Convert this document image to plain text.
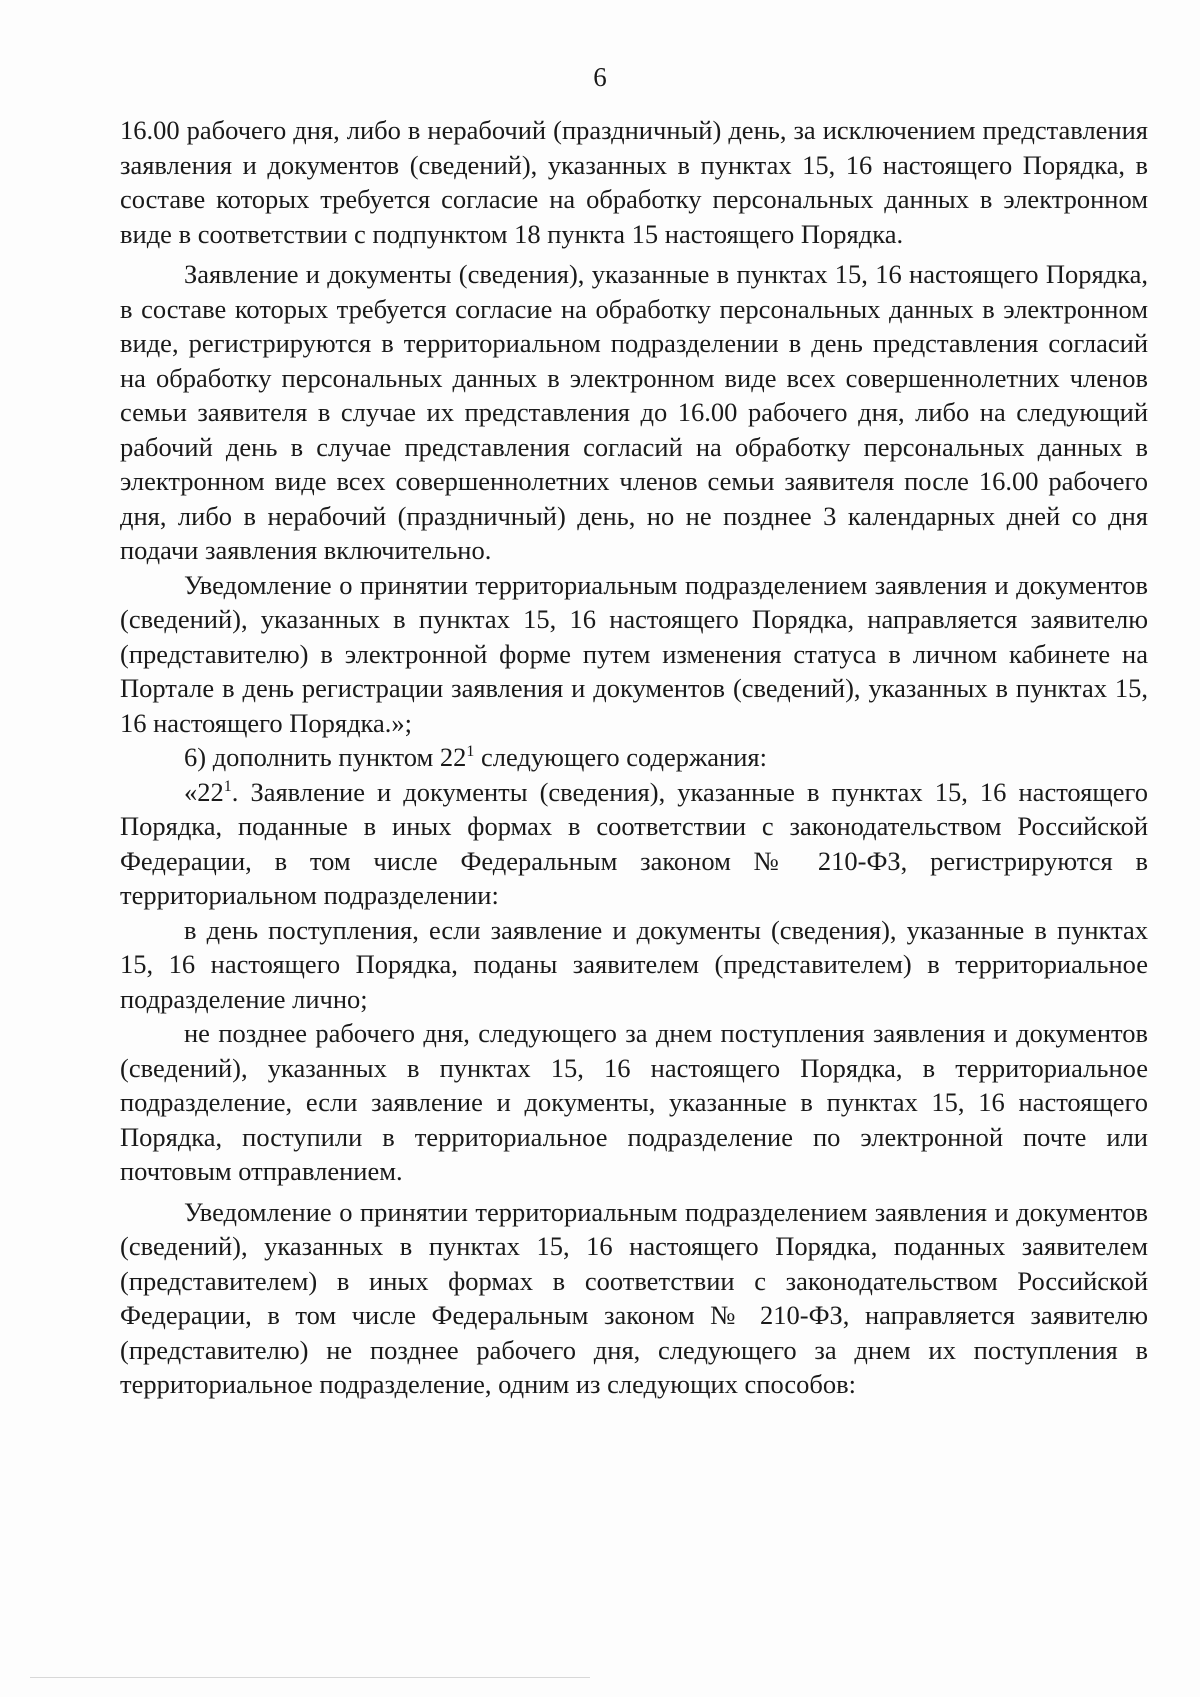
6

16.00 рабочего дня, либо в нерабочий (праздничный) день, за исключением представления заявления и документов (сведений), указанных в пунктах 15, 16 настоящего Порядка, в составе которых требуется согласие на обработку персональных данных в электронном виде в соответствии с подпунктом 18 пункта 15 настоящего Порядка.

Заявление и документы (сведения), указанные в пунктах 15, 16 настоящего Порядка, в составе которых требуется согласие на обработку персональных данных в электронном виде, регистрируются в территориальном подразделении в день представления согласий на обработку персональных данных в электронном виде всех совершеннолетних членов семьи заявителя в случае их представления до 16.00 рабочего дня, либо на следующий рабочий день в случае представления согласий на обработку персональных данных в электронном виде всех совершеннолетних членов семьи заявителя после 16.00 рабочего дня, либо в нерабочий (праздничный) день, но не позднее 3 календарных дней со дня подачи заявления включительно.

Уведомление о принятии территориальным подразделением заявления и документов (сведений), указанных в пунктах 15, 16 настоящего Порядка, направляется заявителю (представителю) в электронной форме путем изменения статуса в личном кабинете на Портале в день регистрации заявления и документов (сведений), указанных в пунктах 15, 16 настоящего Порядка.»;

6) дополнить пунктом $22^1$ следующего содержания:

«$22^1$. Заявление и документы (сведения), указанные в пунктах 15, 16 настоящего Порядка, поданные в иных формах в соответствии с законодательством Российской Федерации, в том числе Федеральным законом № 210-ФЗ, регистрируются в территориальном подразделении:

в день поступления, если заявление и документы (сведения), указанные в пунктах 15, 16 настоящего Порядка, поданы заявителем (представителем) в территориальное подразделение лично;

не позднее рабочего дня, следующего за днем поступления заявления и документов (сведений), указанных в пунктах 15, 16 настоящего Порядка, в территориальное подразделение, если заявление и документы, указанные в пунктах 15, 16 настоящего Порядка, поступили в территориальное подразделение по электронной почте или почтовым отправлением.

Уведомление о принятии территориальным подразделением заявления и документов (сведений), указанных в пунктах 15, 16 настоящего Порядка, поданных заявителем (представителем) в иных формах в соответствии с законодательством Российской Федерации, в том числе Федеральным законом № 210-ФЗ, направляется заявителю (представителю) не позднее рабочего дня, следующего за днем их поступления в территориальное подразделение, одним из следующих способов:
